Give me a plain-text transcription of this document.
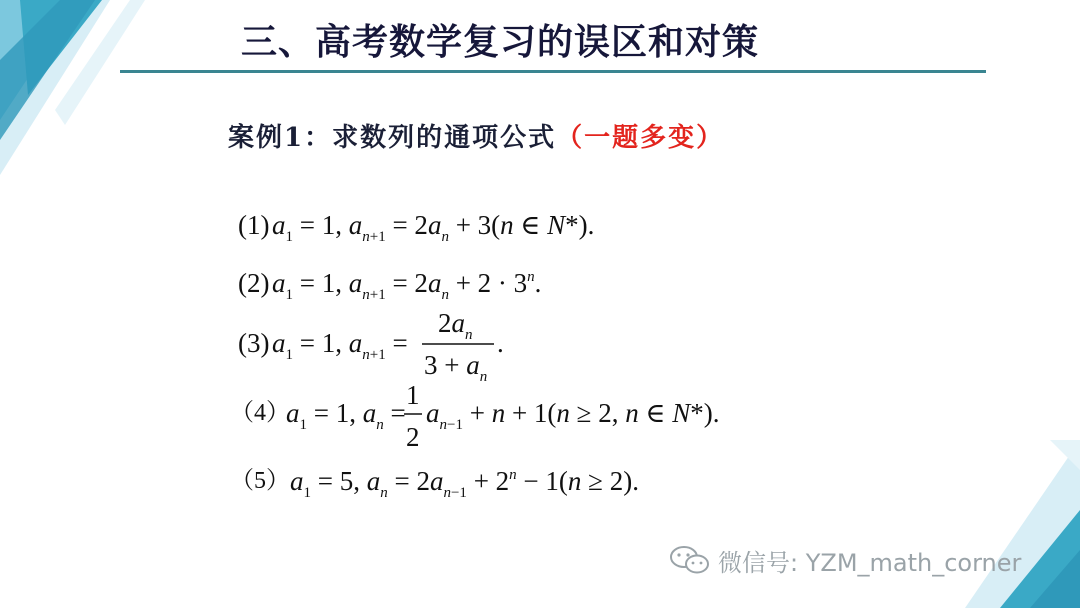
三、高考数学复习的误区和对策
案例1：求数列的通项公式（一题多变）
(1) $a_1 = 1$, $a_n+1 = 2a_n + 3(n$ ∈ N*).
(2) $a_1 = 1$, $a_n+1 = 2a_n + 2 \cdot 3^n$.
(3) $a_1 = 1$, $a_n+1$ =
$2a_n$
$3 + a_n$
.
（4）
$a_1 = 1$, $a_n$ =
1
2
$a_n-1 + n + 1(n \ge 2$, n ∈ N*).
（5） $a_1 = 5$, $a_n = 2a_n-1 + 2^n - 1(n \ge 2)$.
微信号: YZM_math_corner
